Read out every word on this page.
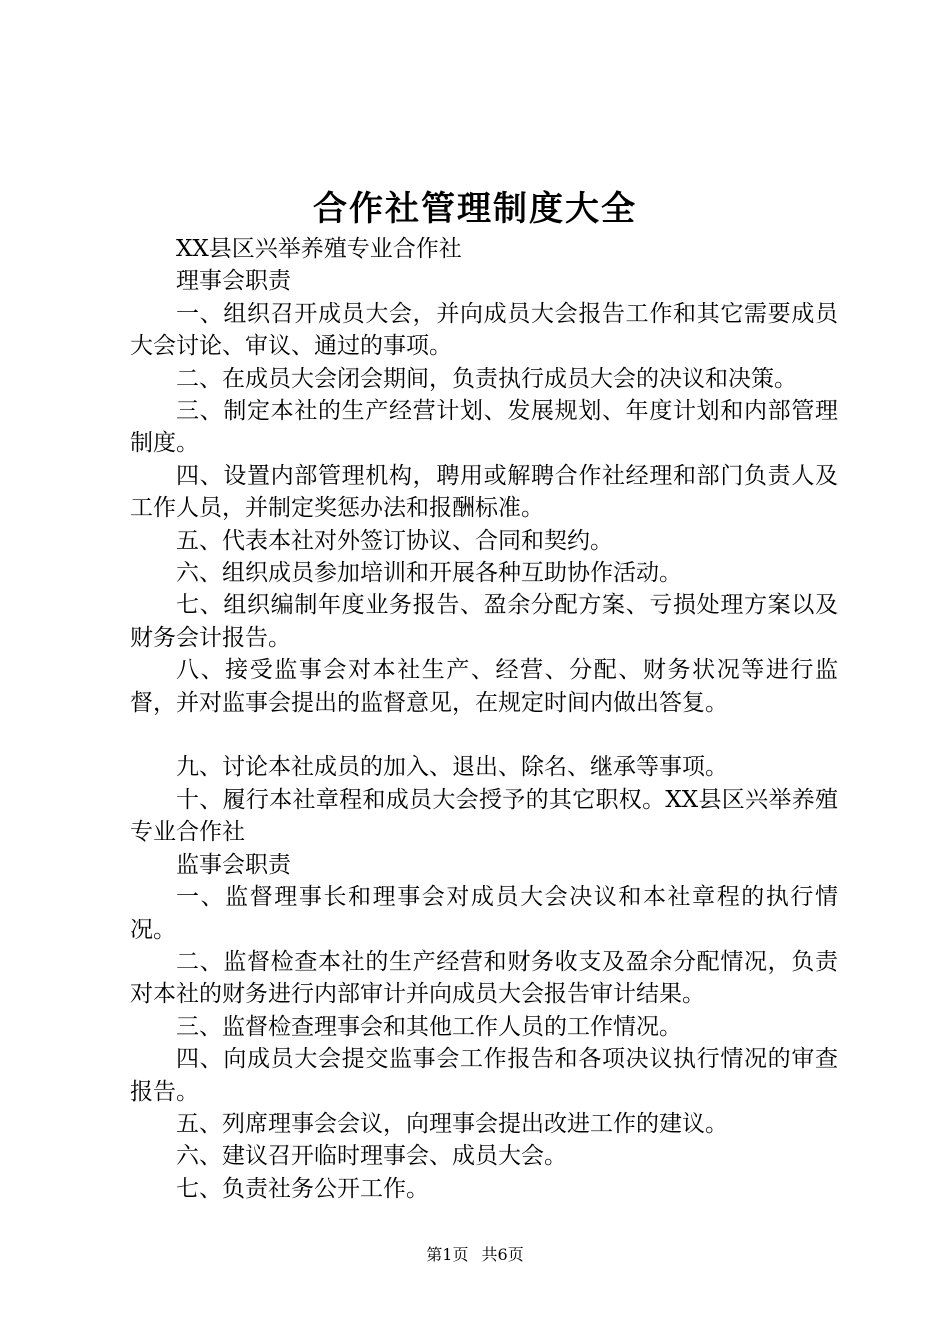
合作社管理制度大全

XX县区兴举养殖专业合作社

理事会职责

一、组织召开成员大会，并向成员大会报告工作和其它需要成员大会讨论、审议、通过的事项。

二、在成员大会闭会期间，负责执行成员大会的决议和决策。

三、制定本社的生产经营计划、发展规划、年度计划和内部管理制度。

四、设置内部管理机构，聘用或解聘合作社经理和部门负责人及工作人员，并制定奖惩办法和报酬标准。

五、代表本社对外签订协议、合同和契约。

六、组织成员参加培训和开展各种互助协作活动。

七、组织编制年度业务报告、盈余分配方案、亏损处理方案以及财务会计报告。

八、接受监事会对本社生产、经营、分配、财务状况等进行监督，并对监事会提出的监督意见，在规定时间内做出答复。

九、讨论本社成员的加入、退出、除名、继承等事项。

十、履行本社章程和成员大会授予的其它职权。XX县区兴举养殖专业合作社

监事会职责

一、监督理事长和理事会对成员大会决议和本社章程的执行情况。

二、监督检查本社的生产经营和财务收支及盈余分配情况，负责对本社的财务进行内部审计并向成员大会报告审计结果。

三、监督检查理事会和其他工作人员的工作情况。

四、向成员大会提交监事会工作报告和各项决议执行情况的审查报告。

五、列席理事会会议，向理事会提出改进工作的建议。

六、建议召开临时理事会、成员大会。

七、负责社务公开工作。

第1页 共6页
